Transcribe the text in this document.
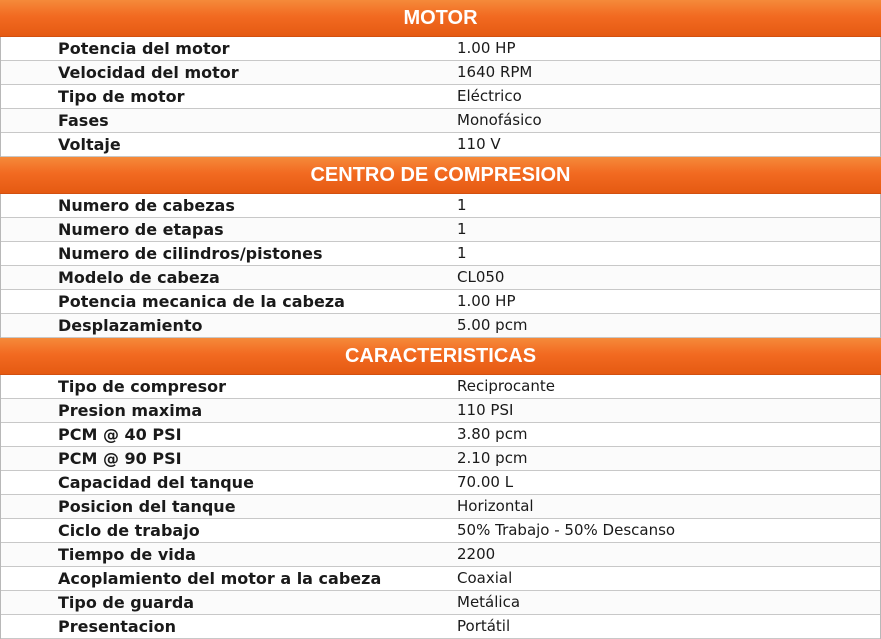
MOTOR
Potencia del motor	1.00 HP
Velocidad del motor	1640 RPM
Tipo de motor	Eléctrico
Fases	Monofásico
Voltaje	110 V
CENTRO DE COMPRESION
Numero de cabezas	1
Numero de etapas	1
Numero de cilindros/pistones	1
Modelo de cabeza	CL050
Potencia mecanica de la cabeza	1.00 HP
Desplazamiento	5.00 pcm
CARACTERISTICAS
Tipo de compresor	Reciprocante
Presion maxima	110 PSI
PCM @ 40 PSI	3.80 pcm
PCM @ 90 PSI	2.10 pcm
Capacidad del tanque	70.00 L
Posicion del tanque	Horizontal
Ciclo de trabajo	50% Trabajo - 50% Descanso
Tiempo de vida	2200
Acoplamiento del motor a la cabeza	Coaxial
Tipo de guarda	Metálica
Presentacion	Portátil
